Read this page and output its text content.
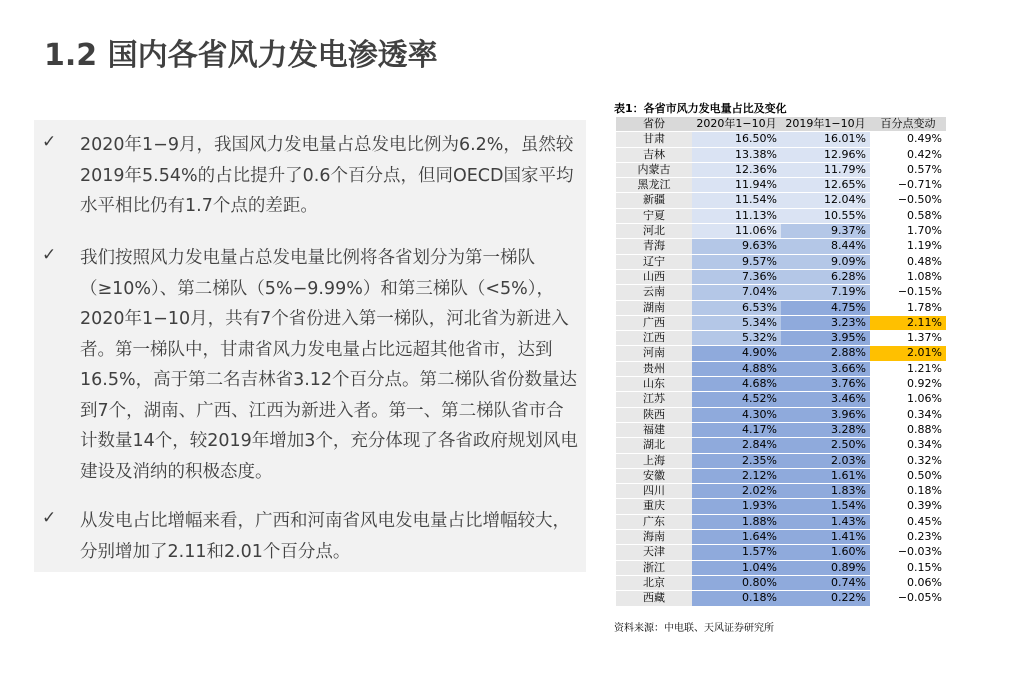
1.2 国内各省风力发电渗透率
✓ 2020年1−9月，我国风力发电量占总发电比例为6.2%，虽然较2019年5.54%的占比提升了0.6个百分点，但同OECD国家平均水平相比仍有1.7个点的差距。
✓ 我们按照风力发电量占总发电量比例将各省划分为第一梯队（≥10%）、第二梯队（5%−9.99%）和第三梯队（<5%），2020年1−10月，共有7个省份进入第一梯队，河北省为新进入者。第一梯队中，甘肃省风力发电量占比远超其他省市，达到16.5%，高于第二名吉林省3.12个百分点。第二梯队省份数量达到7个，湖南、广西、江西为新进入者。第一、第二梯队省市合计数量14个，较2019年增加3个，充分体现了各省政府规划风电建设及消纳的积极态度。
✓ 从发电占比增幅来看，广西和河南省风电发电量占比增幅较大，分别增加了2.11和2.01个百分点。
表1：各省市风力发电量占比及变化
省份	2020年1−10月	2019年1−10月	百分点变动
甘肃	16.50%	16.01%	0.49%
吉林	13.38%	12.96%	0.42%
内蒙古	12.36%	11.79%	0.57%
黑龙江	11.94%	12.65%	−0.71%
新疆	11.54%	12.04%	−0.50%
宁夏	11.13%	10.55%	0.58%
河北	11.06%	9.37%	1.70%
青海	9.63%	8.44%	1.19%
辽宁	9.57%	9.09%	0.48%
山西	7.36%	6.28%	1.08%
云南	7.04%	7.19%	−0.15%
湖南	6.53%	4.75%	1.78%
广西	5.34%	3.23%	2.11%
江西	5.32%	3.95%	1.37%
河南	4.90%	2.88%	2.01%
贵州	4.88%	3.66%	1.21%
山东	4.68%	3.76%	0.92%
江苏	4.52%	3.46%	1.06%
陕西	4.30%	3.96%	0.34%
福建	4.17%	3.28%	0.88%
湖北	2.84%	2.50%	0.34%
上海	2.35%	2.03%	0.32%
安徽	2.12%	1.61%	0.50%
四川	2.02%	1.83%	0.18%
重庆	1.93%	1.54%	0.39%
广东	1.88%	1.43%	0.45%
海南	1.64%	1.41%	0.23%
天津	1.57%	1.60%	−0.03%
浙江	1.04%	0.89%	0.15%
北京	0.80%	0.74%	0.06%
西藏	0.18%	0.22%	−0.05%
资料来源：中电联、天风证券研究所
